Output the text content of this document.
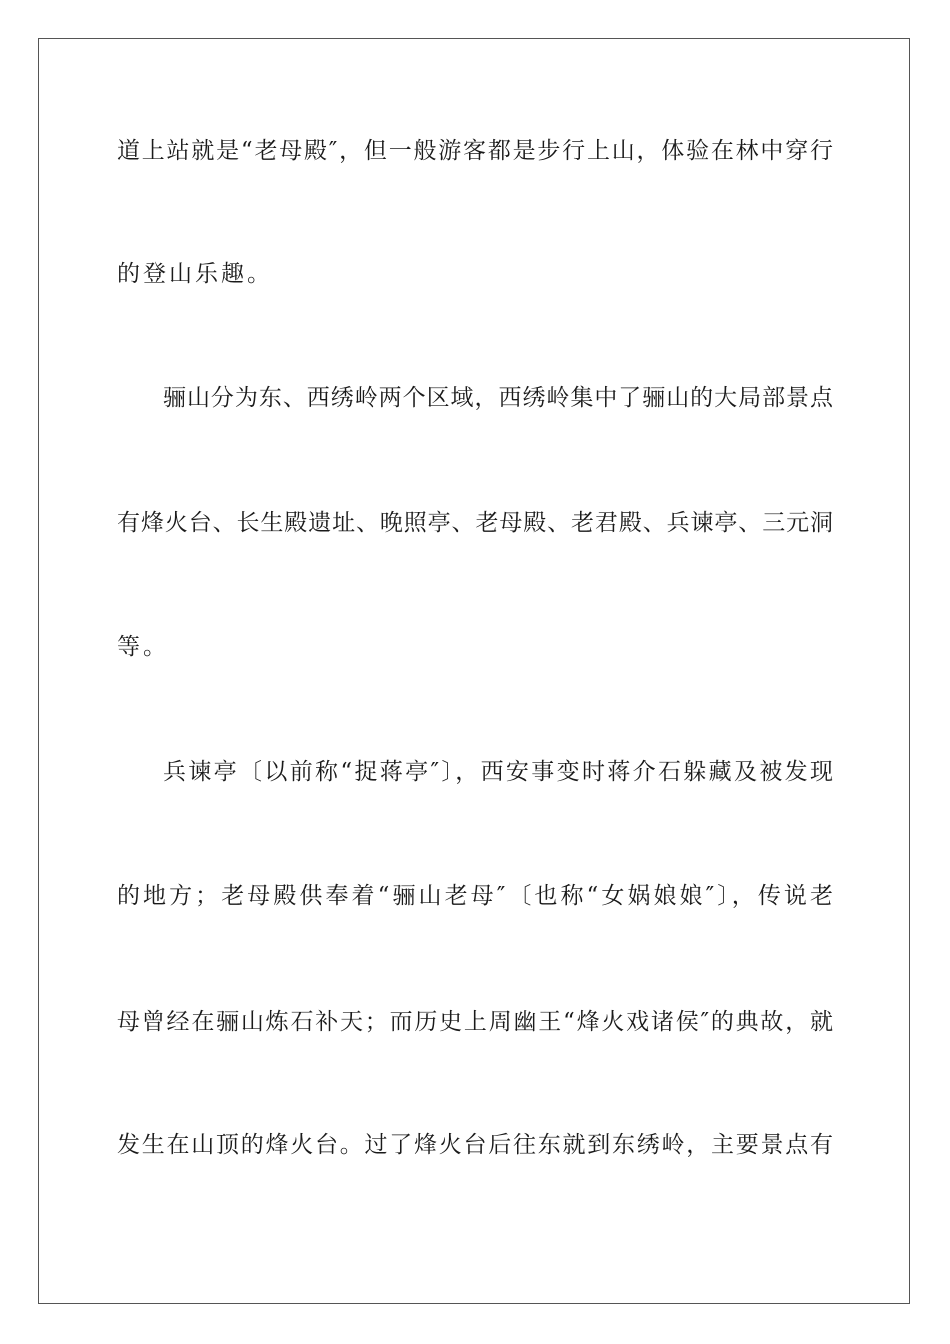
道上站就是“老母殿″，但一般游客都是步行上山，体验在林中穿行
的登山乐趣。
骊山分为东、西绣岭两个区域，西绣岭集中了骊山的大局部景点
有烽火台、长生殿遗址、晚照亭、老母殿、老君殿、兵谏亭、三元洞
等。
兵谏亭〔以前称“捉蒋亭″〕，西安事变时蒋介石躲藏及被发现
的地方；老母殿供奉着“骊山老母″〔也称“女娲娘娘″〕，传说老
母曾经在骊山炼石补天；而历史上周幽王“烽火戏诸侯″的典故，就
发生在山顶的烽火台。过了烽火台后往东就到东绣岭，主要景点有
